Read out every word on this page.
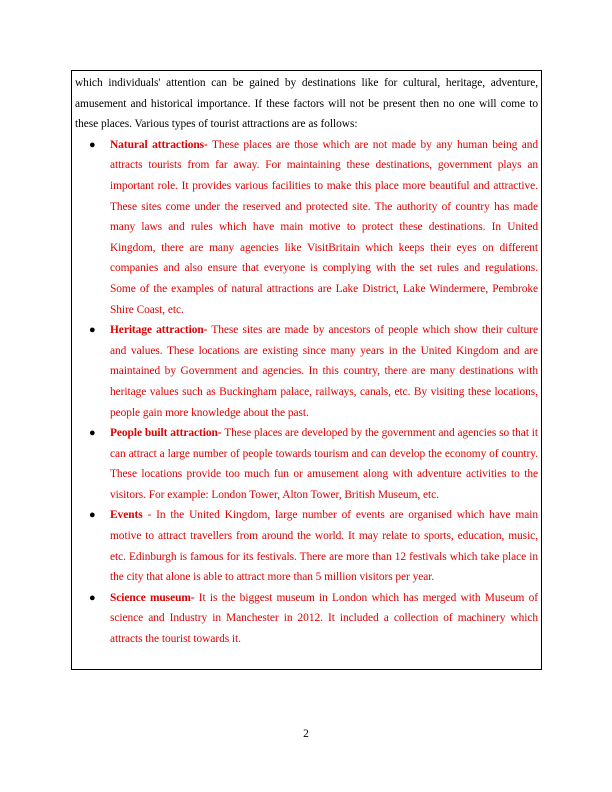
which individuals' attention can be gained by destinations like for cultural, heritage, adventure, amusement and historical importance. If these factors will not be present then no one will come to these places. Various types of tourist attractions are as follows:

● Natural attractions- These places are those which are not made by any human being and attracts tourists from far away. For maintaining these destinations, government plays an important role. It provides various facilities to make this place more beautiful and attractive. These sites come under the reserved and protected site. The authority of country has made many laws and rules which have main motive to protect these destinations. In United Kingdom, there are many agencies like VisitBritain which keeps their eyes on different companies and also ensure that everyone is complying with the set rules and regulations. Some of the examples of natural attractions are Lake District, Lake Windermere, Pembroke Shire Coast, etc.
● Heritage attraction- These sites are made by ancestors of people which show their culture and values. These locations are existing since many years in the United Kingdom and are maintained by Government and agencies. In this country, there are many destinations with heritage values such as Buckingham palace, railways, canals, etc. By visiting these locations, people gain more knowledge about the past.
● People built attraction- These places are developed by the government and agencies so that it can attract a large number of people towards tourism and can develop the economy of country. These locations provide too much fun or amusement along with adventure activities to the visitors. For example: London Tower, Alton Tower, British Museum, etc.
● Events - In the United Kingdom, large number of events are organised which have main motive to attract travellers from around the world. It may relate to sports, education, music, etc. Edinburgh is famous for its festivals. There are more than 12 festivals which take place in the city that alone is able to attract more than 5 million visitors per year.
● Science museum- It is the biggest museum in London which has merged with Museum of science and Industry in Manchester in 2012. It included a collection of machinery which attracts the tourist towards it.
2
